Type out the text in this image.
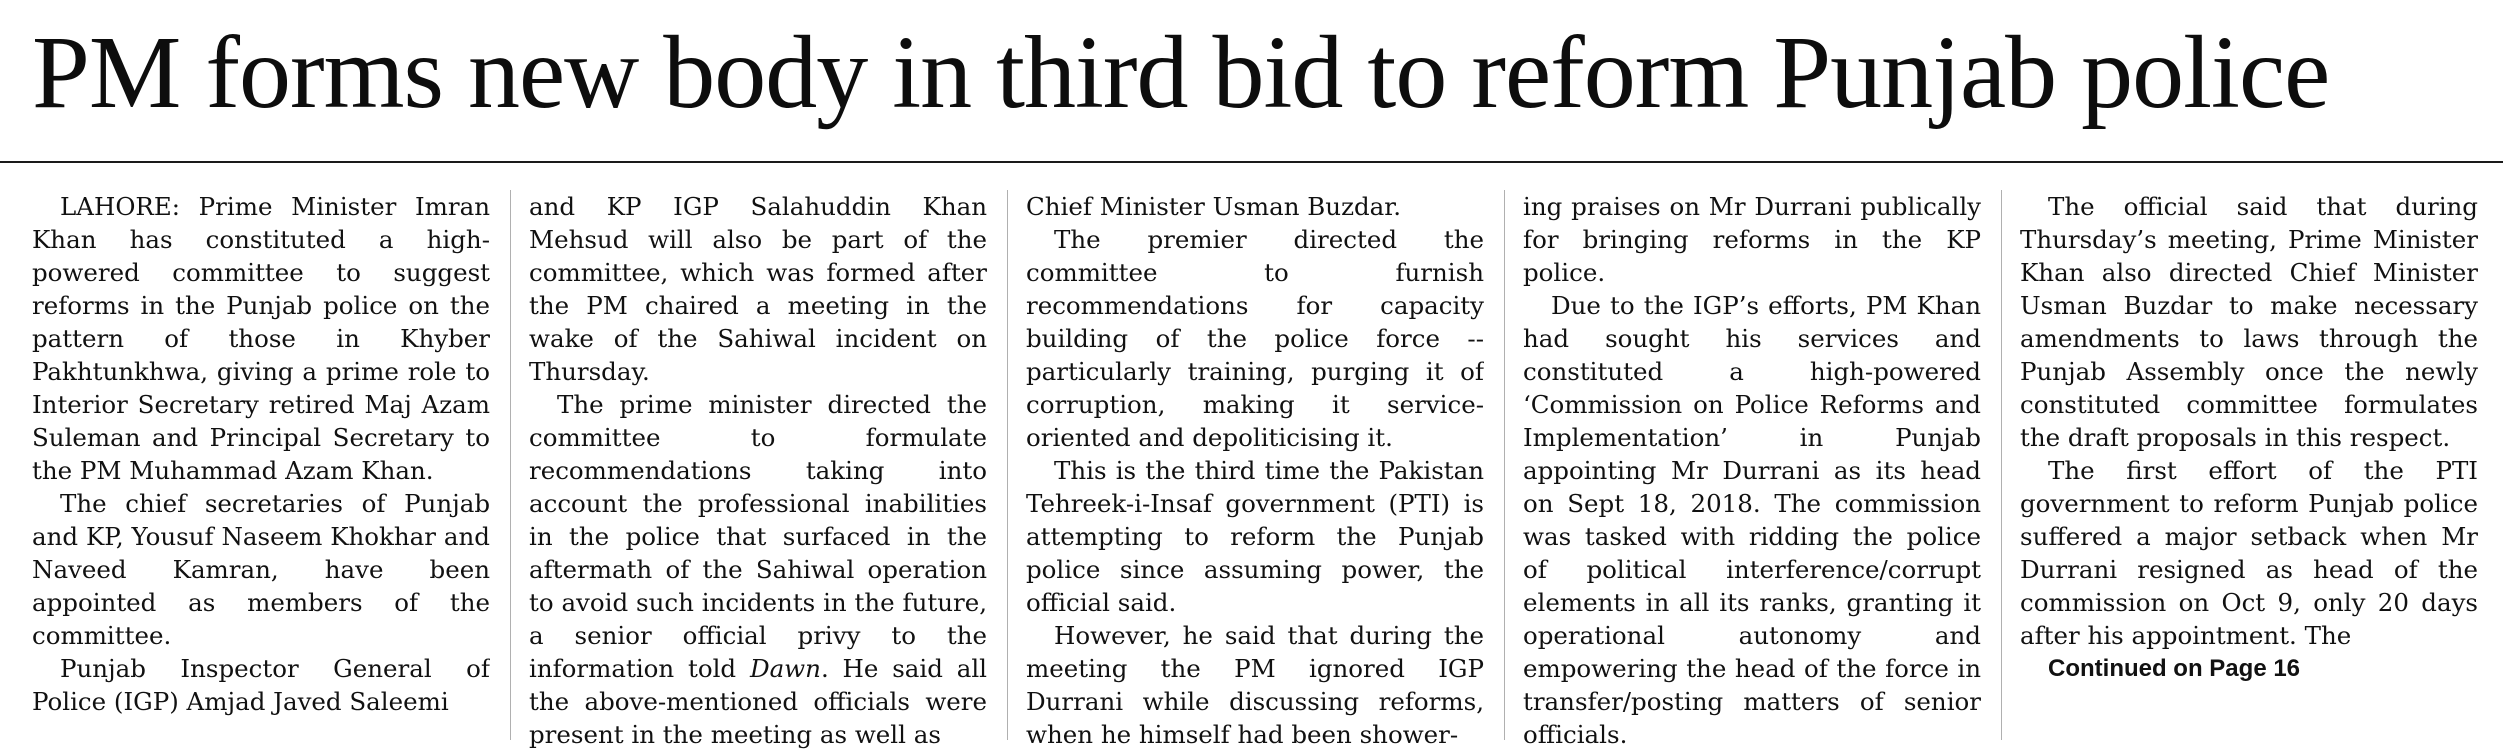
PM forms new body in third bid to reform Punjab police

LAHORE: Prime Minister Imran Khan has constituted a high-powered committee to suggest reforms in the Punjab police on the pattern of those in Khyber Pakhtunkhwa, giving a prime role to Interior Secretary retired Maj Azam Suleman and Principal Secretary to the PM Muhammad Azam Khan.

The chief secretaries of Punjab and KP, Yousuf Naseem Khokhar and Naveed Kamran, have been appointed as members of the committee.

Punjab Inspector General of Police (IGP) Amjad Javed Saleemi

and KP IGP Salahuddin Khan Mehsud will also be part of the committee, which was formed after the PM chaired a meeting in the wake of the Sahiwal incident on Thursday.

The prime minister directed the committee to formulate recommendations taking into account the professional inabilities in the police that surfaced in the aftermath of the Sahiwal operation to avoid such incidents in the future, a senior official privy to the information told Dawn. He said all the above-mentioned officials were present in the meeting as well as

Chief Minister Usman Buzdar.

The premier directed the committee to furnish recommendations for capacity building of the police force -- particularly training, purging it of corruption, making it service-oriented and depoliticising it.

This is the third time the Pakistan Tehreek-i-Insaf government (PTI) is attempting to reform the Punjab police since assuming power, the official said.

However, he said that during the meeting the PM ignored IGP Durrani while discussing reforms, when he himself had been shower-

ing praises on Mr Durrani publically for bringing reforms in the KP police.

Due to the IGP’s efforts, PM Khan had sought his services and constituted a high-powered ‘Commission on Police Reforms and Implementation’ in Punjab appointing Mr Durrani as its head on Sept 18, 2018. The commission was tasked with ridding the police of political interference/corrupt elements in all its ranks, granting it operational autonomy and empowering the head of the force in transfer/posting matters of senior officials.

The official said that during Thursday’s meeting, Prime Minister Khan also directed Chief Minister Usman Buzdar to make necessary amendments to laws through the Punjab Assembly once the newly constituted committee formulates the draft proposals in this respect.

The first effort of the PTI government to reform Punjab police suffered a major setback when Mr Durrani resigned as head of the commission on Oct 9, only 20 days after his appointment. The

Continued on Page 16
